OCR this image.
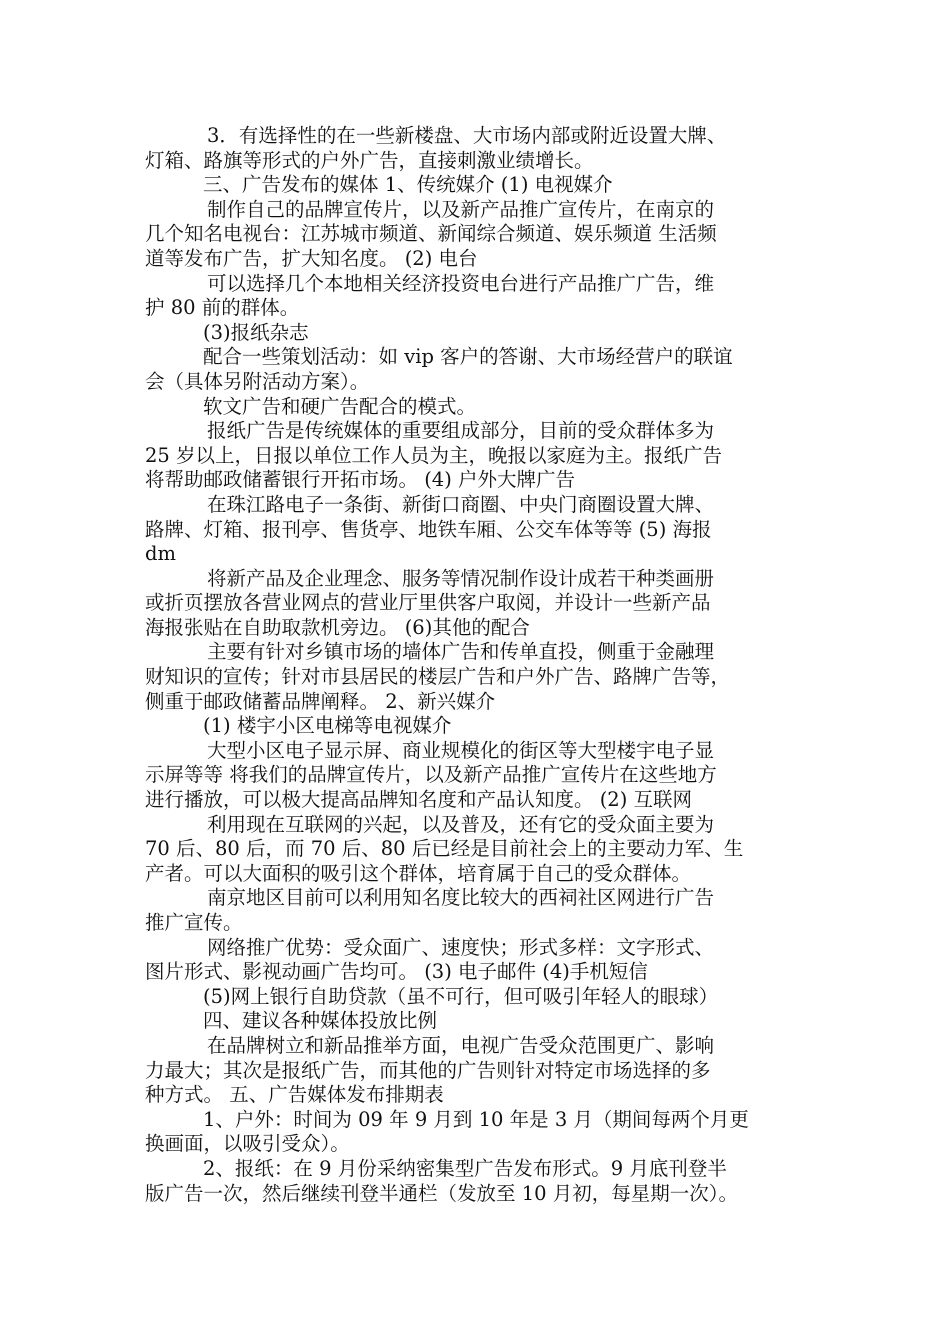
3．有选择性的在一些新楼盘、大市场内部或附近设置大牌、
灯箱、路旗等形式的户外广告，直接刺激业绩增长。
三、广告发布的媒体 1、传统媒介 (1) 电视媒介
制作自己的品牌宣传片，以及新产品推广宣传片，在南京的
几个知名电视台：江苏城市频道、新闻综合频道、娱乐频道 生活频
道等发布广告，扩大知名度。 (2) 电台
可以选择几个本地相关经济投资电台进行产品推广广告，维
护 80 前的群体。
(3)报纸杂志
配合一些策划活动：如 vip 客户的答谢、大市场经营户的联谊
会（具体另附活动方案）。
软文广告和硬广告配合的模式。
报纸广告是传统媒体的重要组成部分，目前的受众群体多为
25 岁以上，日报以单位工作人员为主，晚报以家庭为主。报纸广告
将帮助邮政储蓄银行开拓市场。 (4) 户外大牌广告
在珠江路电子一条街、新街口商圈、中央门商圈设置大牌、
路牌、灯箱、报刊亭、售货亭、地铁车厢、公交车体等等 (5) 海报
dm
将新产品及企业理念、服务等情况制作设计成若干种类画册
或折页摆放各营业网点的营业厅里供客户取阅，并设计一些新产品
海报张贴在自助取款机旁边。 (6)其他的配合
主要有针对乡镇市场的墙体广告和传单直投，侧重于金融理
财知识的宣传；针对市县居民的楼层广告和户外广告、路牌广告等，
侧重于邮政储蓄品牌阐释。 2、新兴媒介
(1) 楼宇小区电梯等电视媒介
大型小区电子显示屏、商业规模化的街区等大型楼宇电子显
示屏等等 将我们的品牌宣传片，以及新产品推广宣传片在这些地方
进行播放，可以极大提高品牌知名度和产品认知度。 (2) 互联网
利用现在互联网的兴起，以及普及，还有它的受众面主要为
70 后、80 后，而 70 后、80 后已经是目前社会上的主要动力军、生
产者。可以大面积的吸引这个群体，培育属于自己的受众群体。
南京地区目前可以利用知名度比较大的西祠社区网进行广告
推广宣传。
网络推广优势：受众面广、速度快；形式多样：文字形式、
图片形式、影视动画广告均可。 (3) 电子邮件 (4)手机短信
(5)网上银行自助贷款（虽不可行，但可吸引年轻人的眼球）
四、建议各种媒体投放比例
在品牌树立和新品推举方面，电视广告受众范围更广、影响
力最大；其次是报纸广告，而其他的广告则针对特定市场选择的多
种方式。 五、广告媒体发布排期表
1、户外：时间为 09 年 9 月到 10 年是 3 月（期间每两个月更
换画面，以吸引受众）。
2、报纸：在 9 月份采纳密集型广告发布形式。9 月底刊登半
版广告一次，然后继续刊登半通栏（发放至 10 月初，每星期一次）。
